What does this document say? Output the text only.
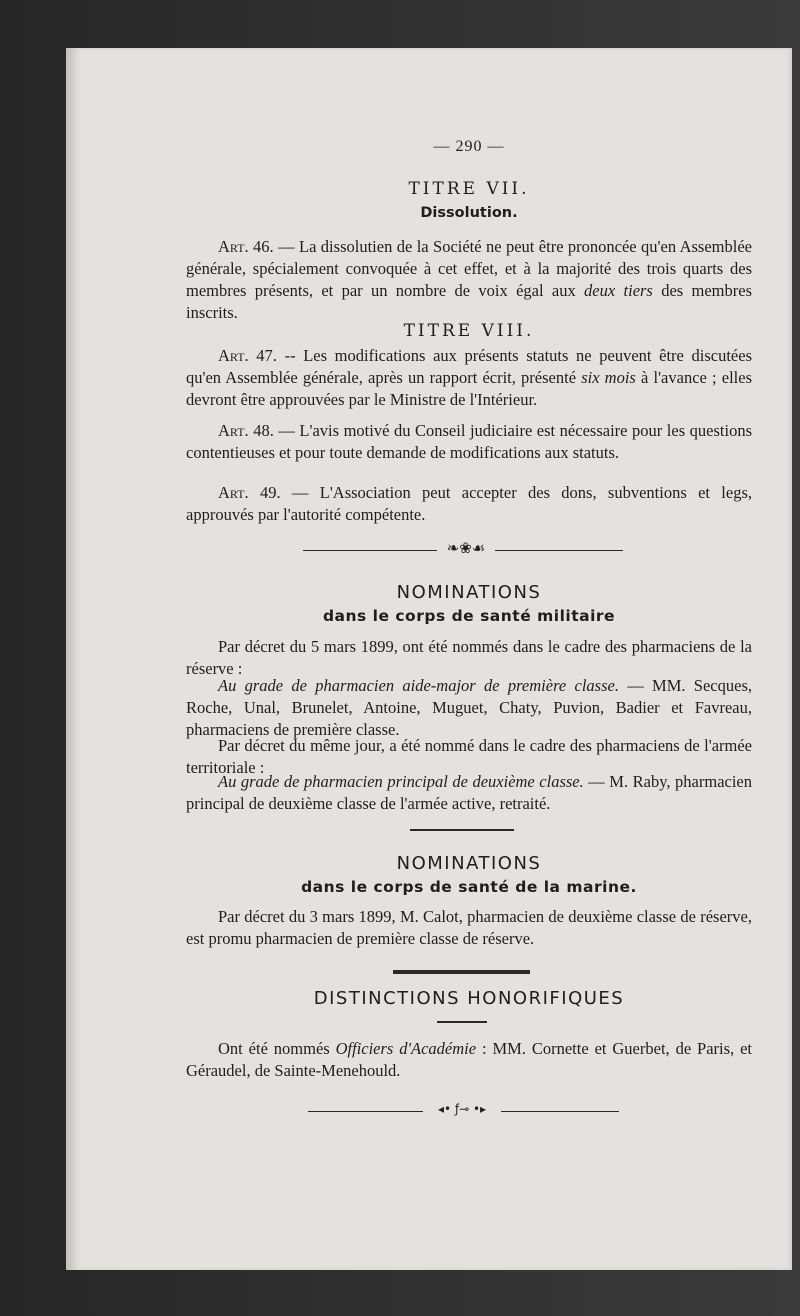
— 290 —
TITRE VII.
Dissolution.

Art. 46. — La dissolutien de la Société ne peut être prononcée qu'en Assemblée générale, spécialement convoquée à cet effet, et à la majorité des trois quarts des membres présents, et par un nombre de voix égal aux deux tiers des membres inscrits.

TITRE VIII.

Art. 47. -- Les modifications aux présents statuts ne peuvent être discutées qu'en Assemblée générale, après un rapport écrit, présenté six mois à l'avance ; elles devront être approuvées par le Ministre de l'Intérieur.

Art. 48. — L'avis motivé du Conseil judiciaire est nécessaire pour les questions contentieuses et pour toute demande de modifications aux statuts.

Art. 49. — L'Association peut accepter des dons, subventions et legs, approuvés par l'autorité compétente.

❧❀☙
NOMINATIONS
dans le corps de santé militaire

Par décret du 5 mars 1899, ont été nommés dans le cadre des pharmaciens de la réserve :

Au grade de pharmacien aide-major de première classe. — MM. Secques, Roche, Unal, Brunelet, Antoine, Muguet, Chaty, Puvion, Badier et Favreau, pharmaciens de première classe.

Par décret du même jour, a été nommé dans le cadre des pharmaciens de l'armée territoriale :

Au grade de pharmacien principal de deuxième classe. — M. Raby, pharmacien principal de deuxième classe de l'armée active, retraité.

NOMINATIONS
dans le corps de santé de la marine.

Par décret du 3 mars 1899, M. Calot, pharmacien de deuxième classe de réserve, est promu pharmacien de première classe de réserve.

DISTINCTIONS HONORIFIQUES

Ont été nommés Officiers d'Académie : MM. Cornette et Guerbet, de Paris, et Géraudel, de Sainte-Menehould.

◂• ƒ⊸ •▸
